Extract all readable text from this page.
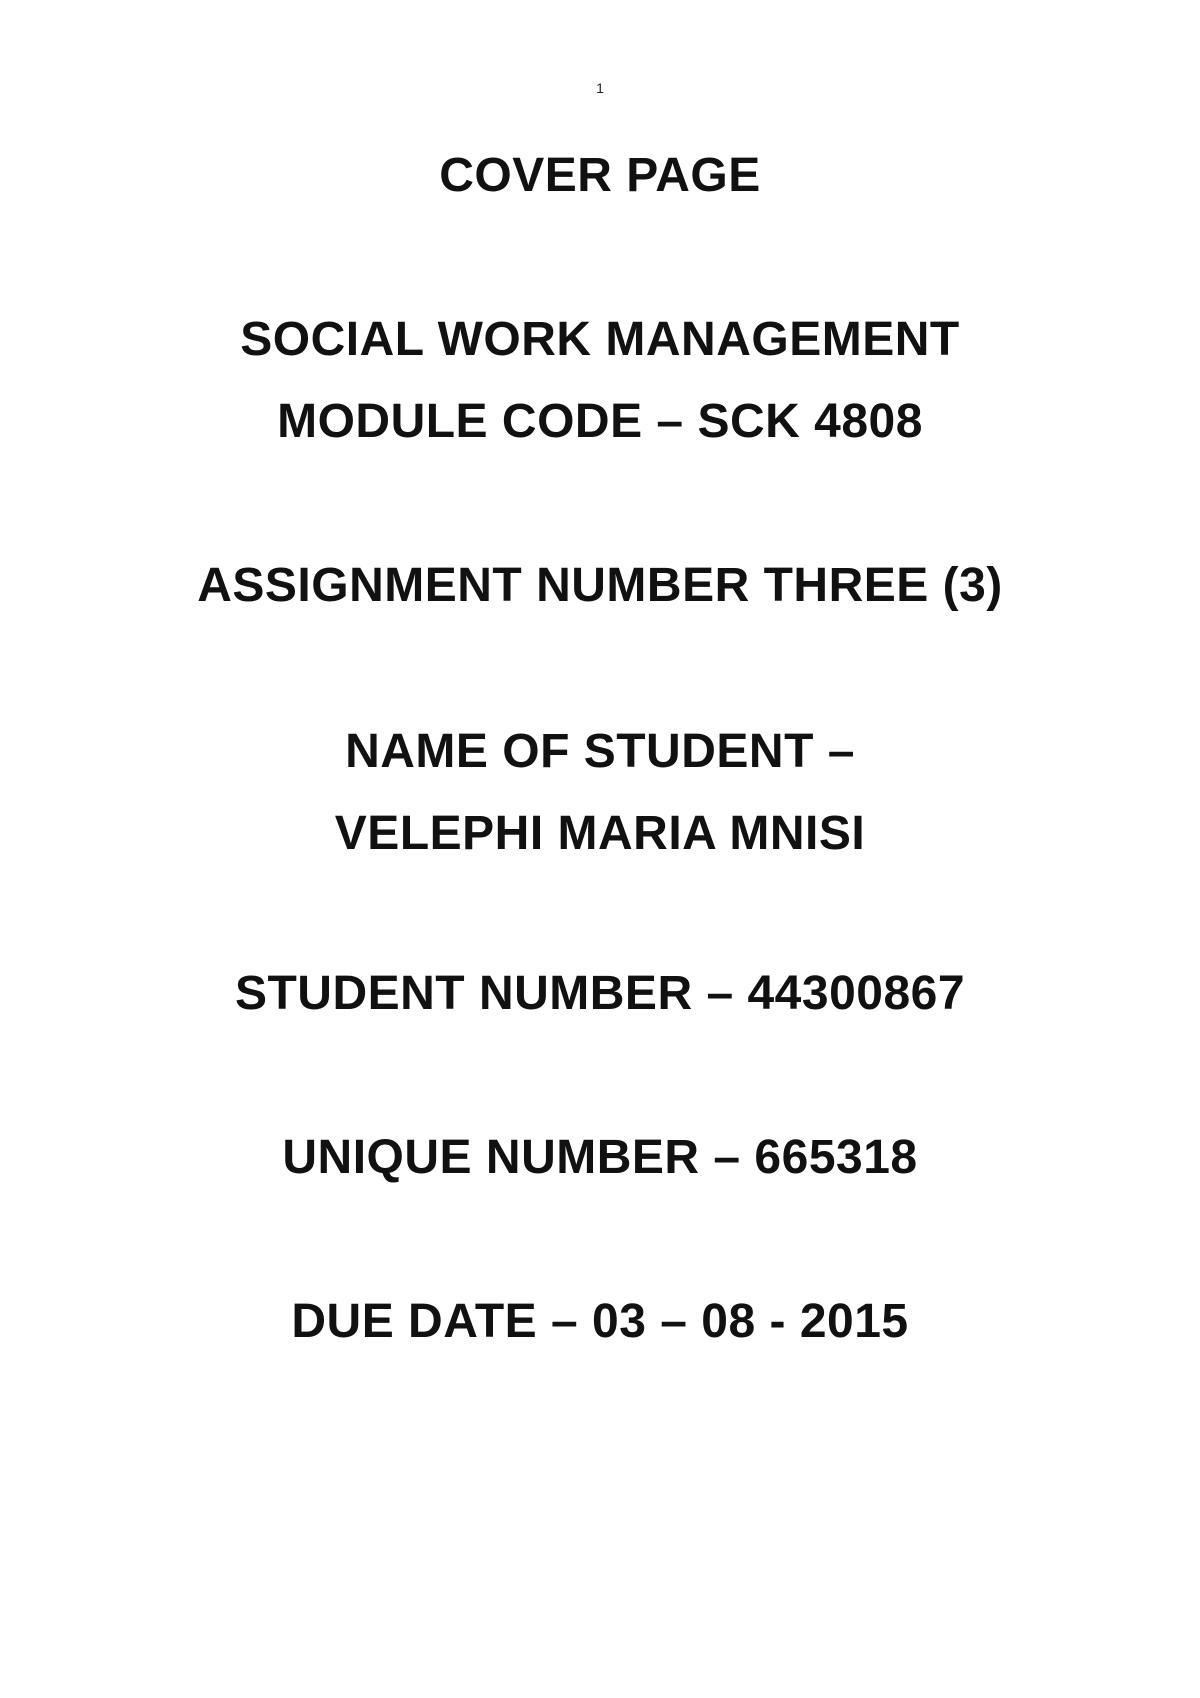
1
COVER PAGE
SOCIAL WORK MANAGEMENT
MODULE CODE – SCK 4808
ASSIGNMENT NUMBER THREE (3)
NAME OF STUDENT –
VELEPHI MARIA MNISI
STUDENT NUMBER – 44300867
UNIQUE NUMBER – 665318
DUE DATE – 03 – 08 - 2015
